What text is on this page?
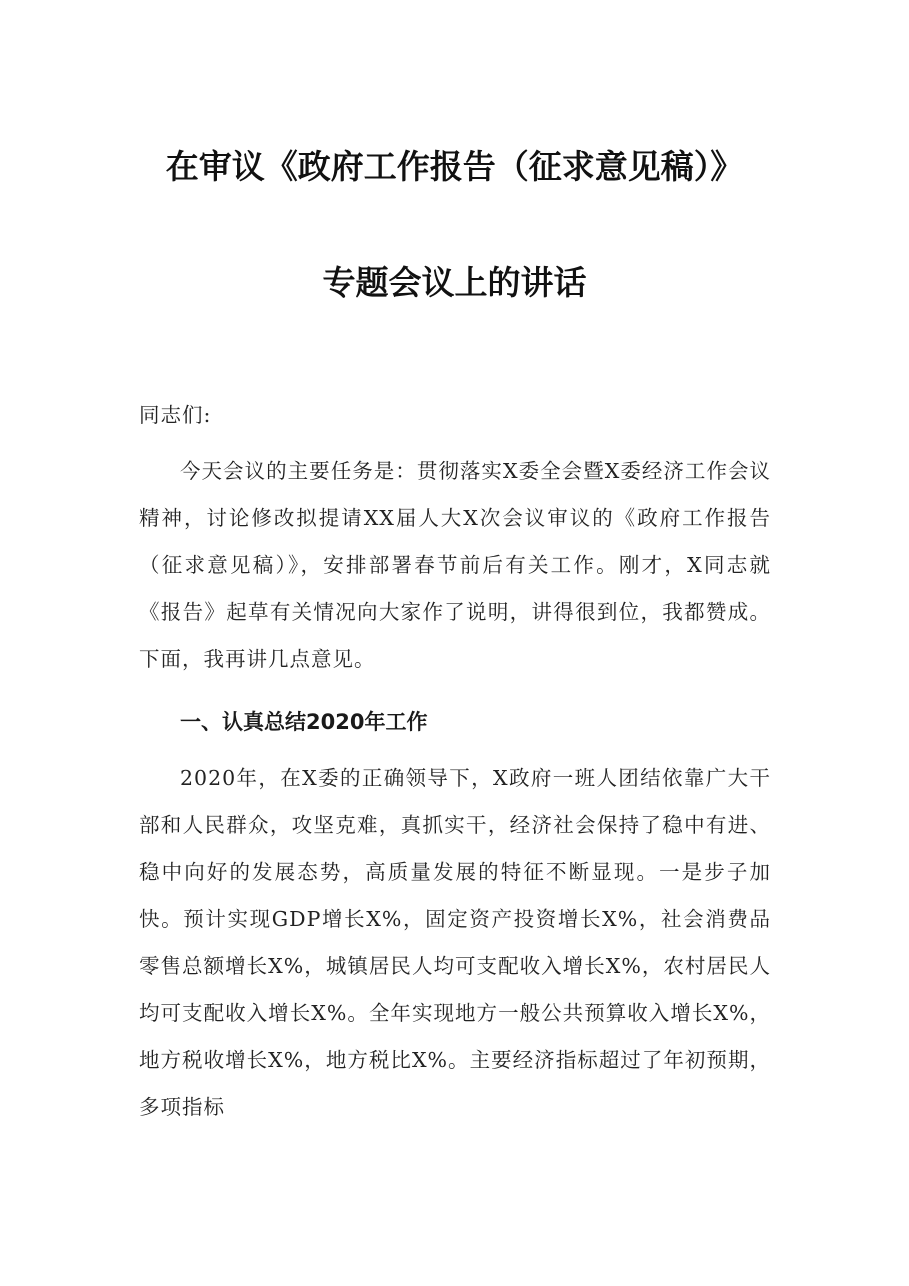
在审议《政府工作报告（征求意见稿）》
专题会议上的讲话

同志们:

今天会议的主要任务是：贯彻落实X委全会暨X委经济工作会议精神，讨论修改拟提请XX届人大X次会议审议的《政府工作报告（征求意见稿）》，安排部署春节前后有关工作。刚才，X同志就《报告》起草有关情况向大家作了说明，讲得很到位，我都赞成。下面，我再讲几点意见。

一、认真总结2020年工作

2020年，在X委的正确领导下，X政府一班人团结依靠广大干部和人民群众，攻坚克难，真抓实干，经济社会保持了稳中有进、稳中向好的发展态势，高质量发展的特征不断显现。一是步子加快。预计实现GDP增长X%，固定资产投资增长X%，社会消费品零售总额增长X%，城镇居民人均可支配收入增长X%，农村居民人均可支配收入增长X%。全年实现地方一般公共预算收入增长X%，地方税收增长X%，地方税比X%。主要经济指标超过了年初预期，多项指标
